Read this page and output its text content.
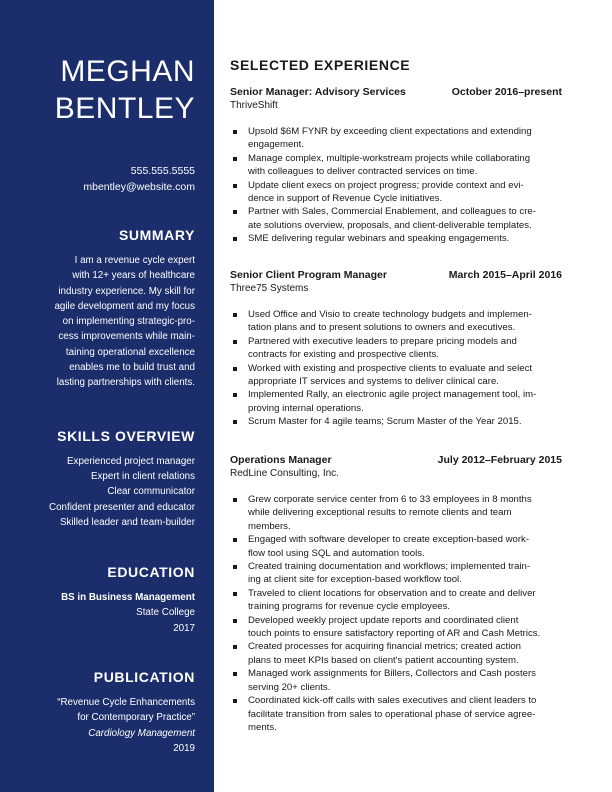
MEGHAN
BENTLEY
555.555.5555
mbentley@website.com
SUMMARY
I am a revenue cycle expert
with 12+ years of healthcare
industry experience. My skill for
agile development and my focus
on implementing strategic-pro-
cess improvements while main-
taining operational excellence
enables me to build trust and
lasting partnerships with clients.
SKILLS OVERVIEW
Experienced project manager
Expert in client relations
Clear communicator
Confident presenter and educator
Skilled leader and team-builder
EDUCATION
BS in Business Management
State College
2017
PUBLICATION
“Revenue Cycle Enhancements
for Contemporary Practice”
Cardiology Management
2019
SELECTED EXPERIENCE
Senior Manager: Advisory Services	October 2016–present
ThriveShift
Upsold $6M FYNR by exceeding client expectations and extending
engagement.
Manage complex, multiple-workstream projects while collaborating
with colleagues to deliver contracted services on time.
Update client execs on project progress; provide context and evi-
dence in support of Revenue Cycle initiatives.
Partner with Sales, Commercial Enablement, and colleagues to cre-
ate solutions overview, proposals, and client-deliverable templates.
SME delivering regular webinars and speaking engagements.
Senior Client Program Manager	March 2015–April 2016
Three75 Systems
Used Office and Visio to create technology budgets and implemen-
tation plans and to present solutions to owners and executives.
Partnered with executive leaders to prepare pricing models and
contracts for existing and prospective clients.
Worked with existing and prospective clients to evaluate and select
appropriate IT services and systems to deliver clinical care.
Implemented Rally, an electronic agile project management tool, im-
proving internal operations.
Scrum Master for 4 agile teams; Scrum Master of the Year 2015.
Operations Manager	July 2012–February 2015
RedLine Consulting, Inc.
Grew corporate service center from 6 to 33 employees in 8 months
while delivering exceptional results to remote clients and team
members.
Engaged with software developer to create exception-based work-
flow tool using SQL and automation tools.
Created training documentation and workflows; implemented train-
ing at client site for exception-based workflow tool.
Traveled to client locations for observation and to create and deliver
training programs for revenue cycle employees.
Developed weekly project update reports and coordinated client
touch points to ensure satisfactory reporting of AR and Cash Metrics.
Created processes for acquiring financial metrics; created action
plans to meet KPIs based on client's patient accounting system.
Managed work assignments for Billers, Collectors and Cash posters
serving 20+ clients.
Coordinated kick-off calls with sales executives and client leaders to
facilitate transition from sales to operational phase of service agree-
ments.
